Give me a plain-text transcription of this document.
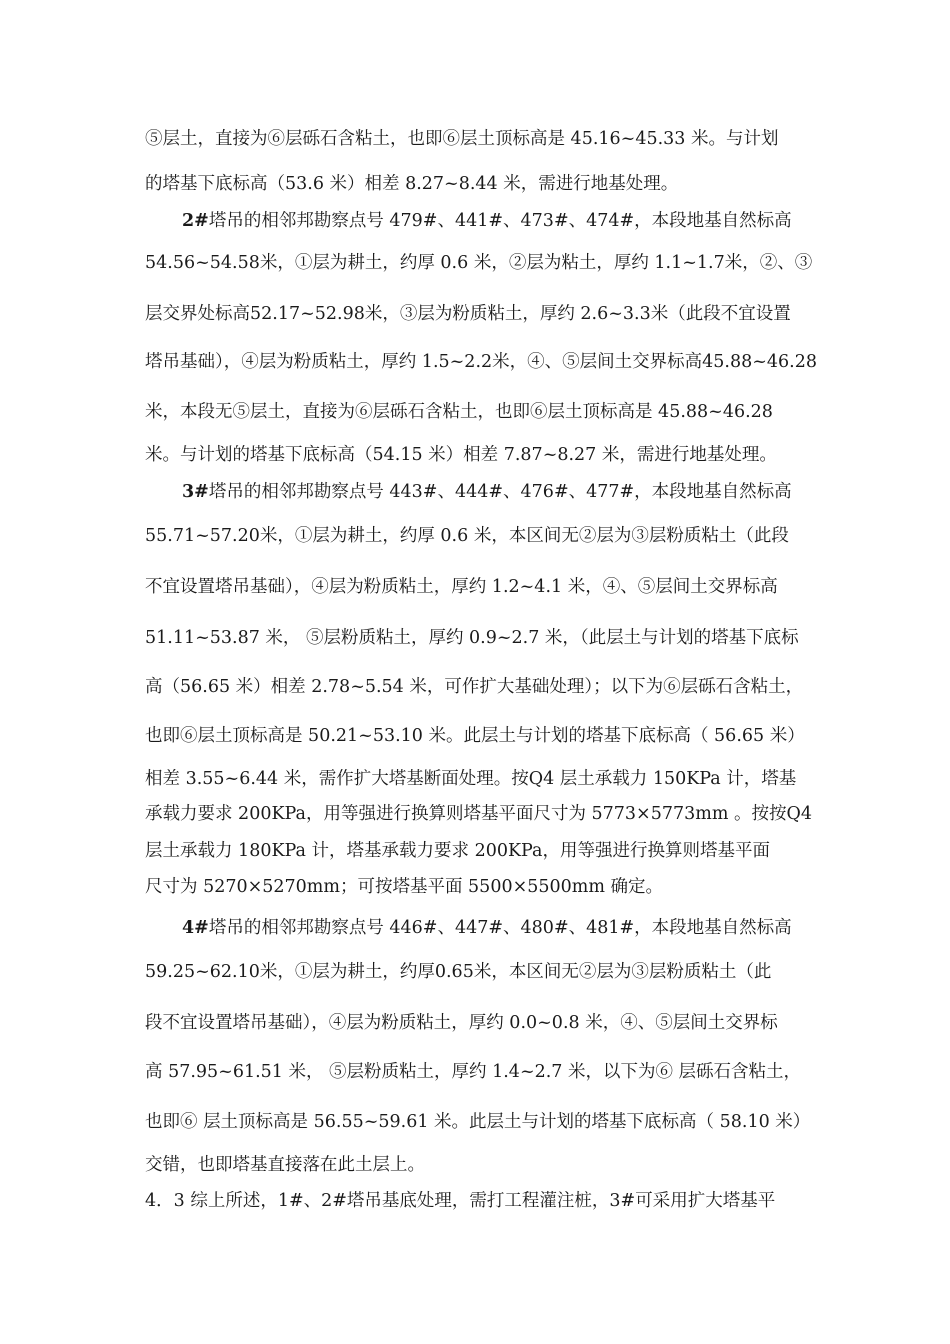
⑤层土，直接为⑥层砾石含粘土，也即⑥层土顶标高是 45.16~45.33 米。与计划
的塔基下底标高（53.6 米）相差 8.27~8.44 米，需进行地基处理。
2#塔吊的相邻邦勘察点号 479#、441#、473#、474#，本段地基自然标高
54.56~54.58米，①层为耕土，约厚 0.6 米，②层为粘土，厚约 1.1~1.7米，②、③
层交界处标高52.17~52.98米，③层为粉质粘土，厚约 2.6~3.3米（此段不宜设置
塔吊基础），④层为粉质粘土，厚约 1.5~2.2米，④、⑤层间土交界标高45.88~46.28
米，本段无⑤层土，直接为⑥层砾石含粘土，也即⑥层土顶标高是 45.88~46.28
米。与计划的塔基下底标高（54.15 米）相差 7.87~8.27 米，需进行地基处理。
3#塔吊的相邻邦勘察点号 443#、444#、476#、477#，本段地基自然标高
55.71~57.20米，①层为耕土，约厚 0.6 米，本区间无②层为③层粉质粘土（此段
不宜设置塔吊基础），④层为粉质粘土，厚约 1.2~4.1 米，④、⑤层间土交界标高
51.11~53.87 米， ⑤层粉质粘土，厚约 0.9~2.7 米，（此层土与计划的塔基下底标
高（56.65 米）相差 2.78~5.54 米，可作扩大基础处理）；以下为⑥层砾石含粘土，
也即⑥层土顶标高是 50.21~53.10 米。此层土与计划的塔基下底标高（ 56.65 米）
相差 3.55~6.44 米，需作扩大塔基断面处理。按Q4 层土承载力 150KPa 计，塔基
承载力要求 200KPa，用等强进行换算则塔基平面尺寸为 5773×5773mm 。按按Q4
层土承载力 180KPa 计，塔基承载力要求 200KPa，用等强进行换算则塔基平面
尺寸为 5270×5270mm；可按塔基平面 5500×5500mm 确定。
4#塔吊的相邻邦勘察点号 446#、447#、480#、481#，本段地基自然标高
59.25~62.10米，①层为耕土，约厚0.65米，本区间无②层为③层粉质粘土（此
段不宜设置塔吊基础），④层为粉质粘土，厚约 0.0~0.8 米，④、⑤层间土交界标
高 57.95~61.51 米， ⑤层粉质粘土，厚约 1.4~2.7 米，以下为⑥ 层砾石含粘土，
也即⑥ 层土顶标高是 56.55~59.61 米。此层土与计划的塔基下底标高（ 58.10 米）
交错，也即塔基直接落在此土层上。
4．3 综上所述，1#、2#塔吊基底处理，需打工程灌注桩，3#可采用扩大塔基平
